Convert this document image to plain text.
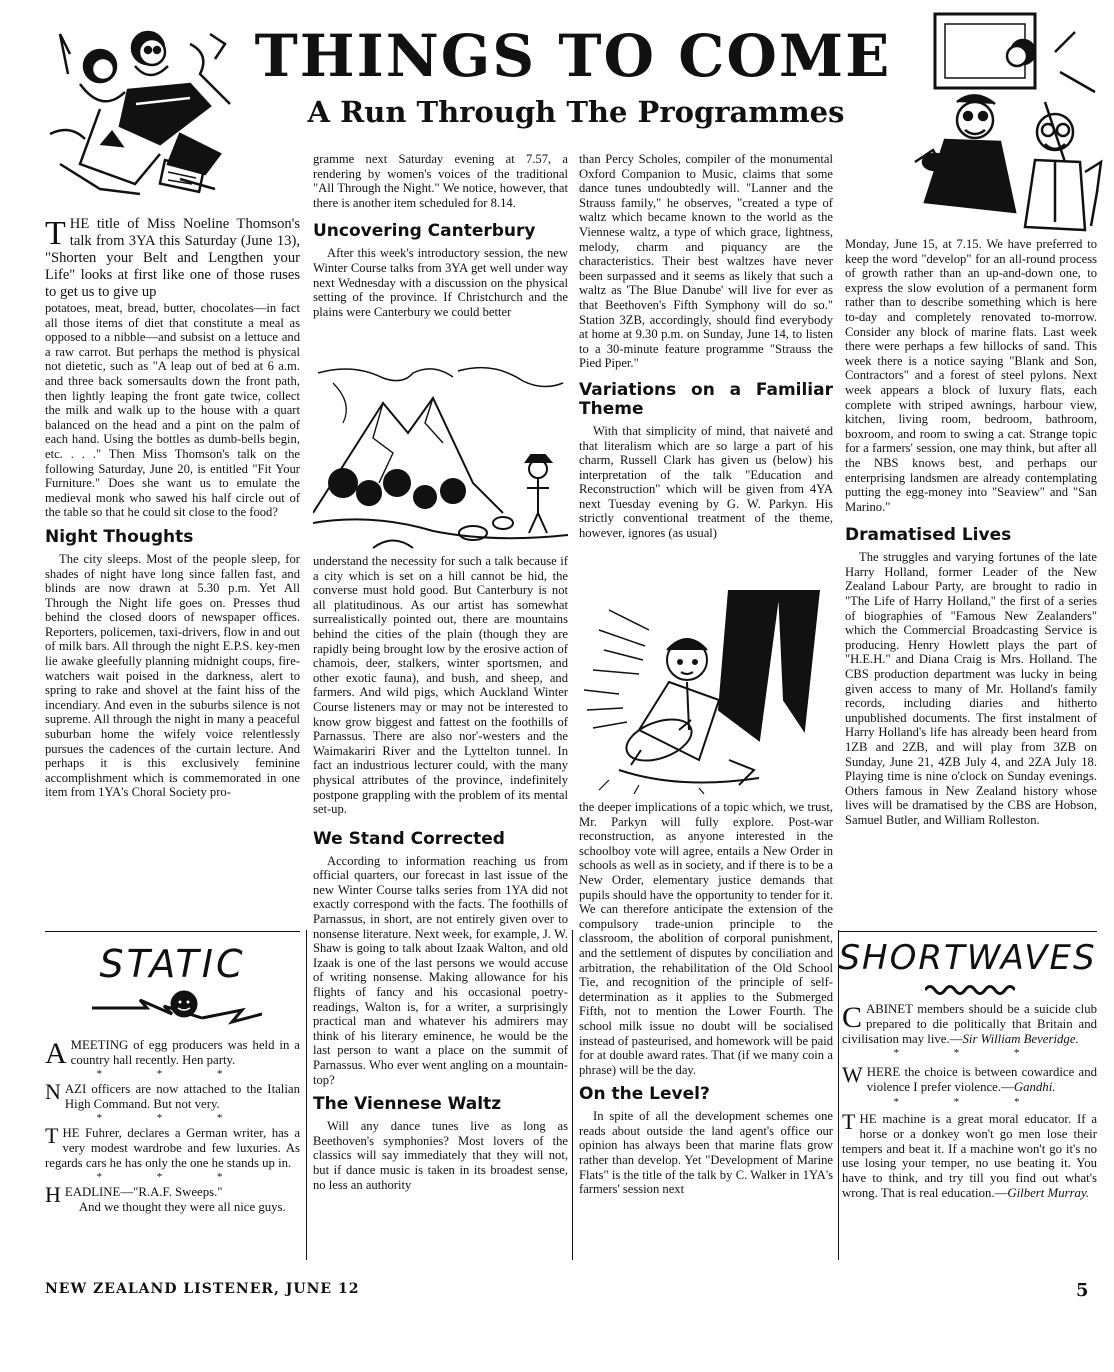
THINGS TO COME
A Run Through The Programmes

T HE title of Miss Noeline Thomson's talk from 3YA this Saturday (June 13), "Shorten your Belt and Lengthen your Life" looks at first like one of those ruses to get us to give up

potatoes, meat, bread, butter, chocolates—in fact all those items of diet that constitute a meal as opposed to a nibble—and subsist on a lettuce and a raw carrot. But perhaps the method is physical not dietetic, such as "A leap out of bed at 6 a.m. and three back somersaults down the front path, then lightly leaping the front gate twice, collect the milk and walk up to the house with a quart balanced on the head and a pint on the palm of each hand. Using the bottles as dumb-bells begin, etc. . . ." Then Miss Thomson's talk on the following Saturday, June 20, is entitled "Fit Your Furniture." Does she want us to emulate the medieval monk who sawed his half circle out of the table so that he could sit close to the food?

Night Thoughts

The city sleeps. Most of the people sleep, for shades of night have long since fallen fast, and blinds are now drawn at 5.30 p.m. Yet All Through the Night life goes on. Presses thud behind the closed doors of newspaper offices. Reporters, policemen, taxi-drivers, flow in and out of milk bars. All through the night E.P.S. key-men lie awake gleefully planning midnight coups, fire-watchers wait poised in the darkness, alert to spring to rake and shovel at the faint hiss of the incendiary. And even in the suburbs silence is not supreme. All through the night in many a peaceful suburban home the wifely voice relentlessly pursues the cadences of the curtain lecture. And perhaps it is this exclusively feminine accomplishment which is commemorated in one item from 1YA's Choral Society pro-

gramme next Saturday evening at 7.57, a rendering by women's voices of the traditional "All Through the Night." We notice, however, that there is another item scheduled for 8.14.

Uncovering Canterbury

After this week's introductory session, the new Winter Course talks from 3YA get well under way next Wednesday with a discussion on the physical setting of the province. If Christchurch and the plains were Canterbury we could better

understand the necessity for such a talk because if a city which is set on a hill cannot be hid, the converse must hold good. But Canterbury is not all platitudinous. As our artist has somewhat surrealistically pointed out, there are mountains behind the cities of the plain (though they are rapidly being brought low by the erosive action of chamois, deer, stalkers, winter sportsmen, and other exotic fauna), and bush, and sheep, and farmers. And wild pigs, which Auckland Winter Course listeners may or may not be interested to know grow biggest and fattest on the foothills of Parnassus. There are also nor'-westers and the Waimakariri River and the Lyttelton tunnel. In fact an industrious lecturer could, with the many physical attributes of the province, indefinitely postpone grappling with the problem of its mental set-up.

We Stand Corrected

According to information reaching us from official quarters, our forecast in last issue of the new Winter Course talks series from 1YA did not exactly correspond with the facts. The foothills of Parnassus, in short, are not entirely given over to nonsense literature. Next week, for example, J. W. Shaw is going to talk about Izaak Walton, and old Izaak is one of the last persons we would accuse of writing nonsense. Making allowance for his flights of fancy and his occasional poetry-readings, Walton is, for a writer, a surprisingly practical man and whatever his admirers may think of his literary eminence, he would be the last person to want a place on the summit of Parnassus. Who ever went angling on a mountain-top?

The Viennese Waltz

Will any dance tunes live as long as Beethoven's symphonies? Most lovers of the classics will say immediately that they will not, but if dance music is taken in its broadest sense, no less an authority

than Percy Scholes, compiler of the monumental Oxford Companion to Music, claims that some dance tunes undoubtedly will. "Lanner and the Strauss family," he observes, "created a type of waltz which became known to the world as the Viennese waltz, a type of which grace, lightness, melody, charm and piquancy are the characteristics. Their best waltzes have never been surpassed and it seems as likely that such a waltz as 'The Blue Danube' will live for ever as that Beethoven's Fifth Symphony will do so." Station 3ZB, accordingly, should find everybody at home at 9.30 p.m. on Sunday, June 14, to listen to a 30-minute feature programme "Strauss the Pied Piper."

Variations on a Familiar Theme

With that simplicity of mind, that naiveté and that literalism which are so large a part of his charm, Russell Clark has given us (below) his interpretation of the talk "Education and Reconstruction" which will be given from 4YA next Tuesday evening by G. W. Parkyn. His strictly conventional treatment of the theme, however, ignores (as usual)

the deeper implications of a topic which, we trust, Mr. Parkyn will fully explore. Post-war reconstruction, as anyone interested in the schoolboy vote will agree, entails a New Order in schools as well as in society, and if there is to be a New Order, elementary justice demands that pupils should have the opportunity to tender for it. We can therefore anticipate the extension of the compulsory trade-union principle to the classroom, the abolition of corporal punishment, and the settlement of disputes by conciliation and arbitration, the rehabilitation of the Old School Tie, and recognition of the principle of self-determination as it applies to the Submerged Fifth, not to mention the Lower Fourth. The school milk issue no doubt will be socialised instead of pasteurised, and homework will be paid for at double award rates. That (if we many coin a phrase) will be the day.

On the Level?

In spite of all the development schemes one reads about outside the land agent's office our opinion has always been that marine flats grow rather than develop. Yet "Development of Marine Flats" is the title of the talk by C. Walker in 1YA's farmers' session next

Monday, June 15, at 7.15. We have preferred to keep the word "develop" for an all-round process of growth rather than an up-and-down one, to express the slow evolution of a permanent form rather than to describe something which is here to-day and completely renovated to-morrow. Consider any block of marine flats. Last week there were perhaps a few hillocks of sand. This week there is a notice saying "Blank and Son, Contractors" and a forest of steel pylons. Next week appears a block of luxury flats, each complete with striped awnings, harbour view, kitchen, living room, bedroom, bathroom, boxroom, and room to swing a cat. Strange topic for a farmers' session, one may think, but after all the NBS knows best, and perhaps our enterprising landsmen are already contemplating putting the egg-money into "Seaview" and "San Marino."

Dramatised Lives

The struggles and varying fortunes of the late Harry Holland, former Leader of the New Zealand Labour Party, are brought to radio in "The Life of Harry Holland," the first of a series of biographies of "Famous New Zealanders" which the Commercial Broadcasting Service is producing. Henry Howlett plays the part of "H.E.H." and Diana Craig is Mrs. Holland. The CBS production department was lucky in being given access to many of Mr. Holland's family records, including diaries and hitherto unpublished documents. The first instalment of Harry Holland's life has already been heard from 1ZB and 2ZB, and will play from 3ZB on Sunday, June 21, 4ZB July 4, and 2ZA July 18. Playing time is nine o'clock on Sunday evenings. Others famous in New Zealand history whose lives will be dramatised by the CBS are Hobson, Samuel Butler, and William Rolleston.

STATIC

A MEETING of egg producers was held in a country hall recently. Hen party.

* * *

N AZI officers are now attached to the Italian High Command. But not very.

* * *

T HE Fuhrer, declares a German writer, has a very modest wardrobe and few luxuries. As regards cars he has only the one he stands up in.

* * *

H EADLINE—"R.A.F. Sweeps."

And we thought they were all nice guys.

SHORTWAVES

C ABINET members should be a suicide club prepared to die politically that Britain and civilisation may live.—Sir William Beveridge.

* * *

W HERE the choice is between cowardice and violence I prefer violence.—Gandhi.

* * *

T HE machine is a great moral educator. If a horse or a donkey won't go men lose their tempers and beat it. If a machine won't go it's no use losing your temper, no use beating it. You have to think, and try till you find out what's wrong. That is real education.—Gilbert Murray.

NEW ZEALAND LISTENER, JUNE 12	5
